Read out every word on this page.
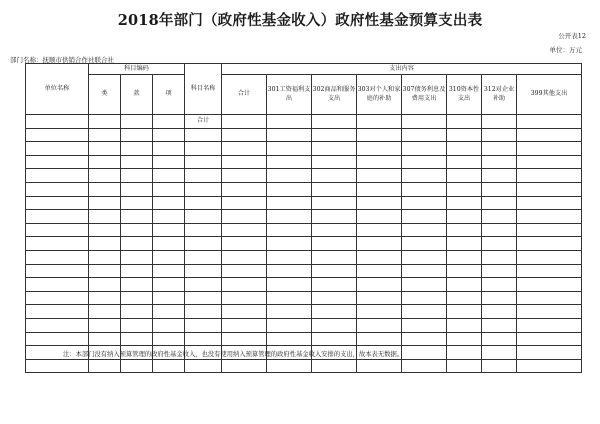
2018年部门（政府性基金收入）政府性基金预算支出表
公开表12
单位：万元
部门名称：抚顺市供销合作社联合社
单位名称	科目编码			科目名称	支出内容							
	类	款	项		合计	301工资福利支出	302商品和服务支出	303对个人和家庭的补助	307债务利息及费用支出	310资本性支出	312对企业补助	399其他支出
				合计								

注：本部门没有纳入预算管理的政府性基金收入，也没有使用纳入预算管理的政府性基金收入安排的支出，故本表无数据。
